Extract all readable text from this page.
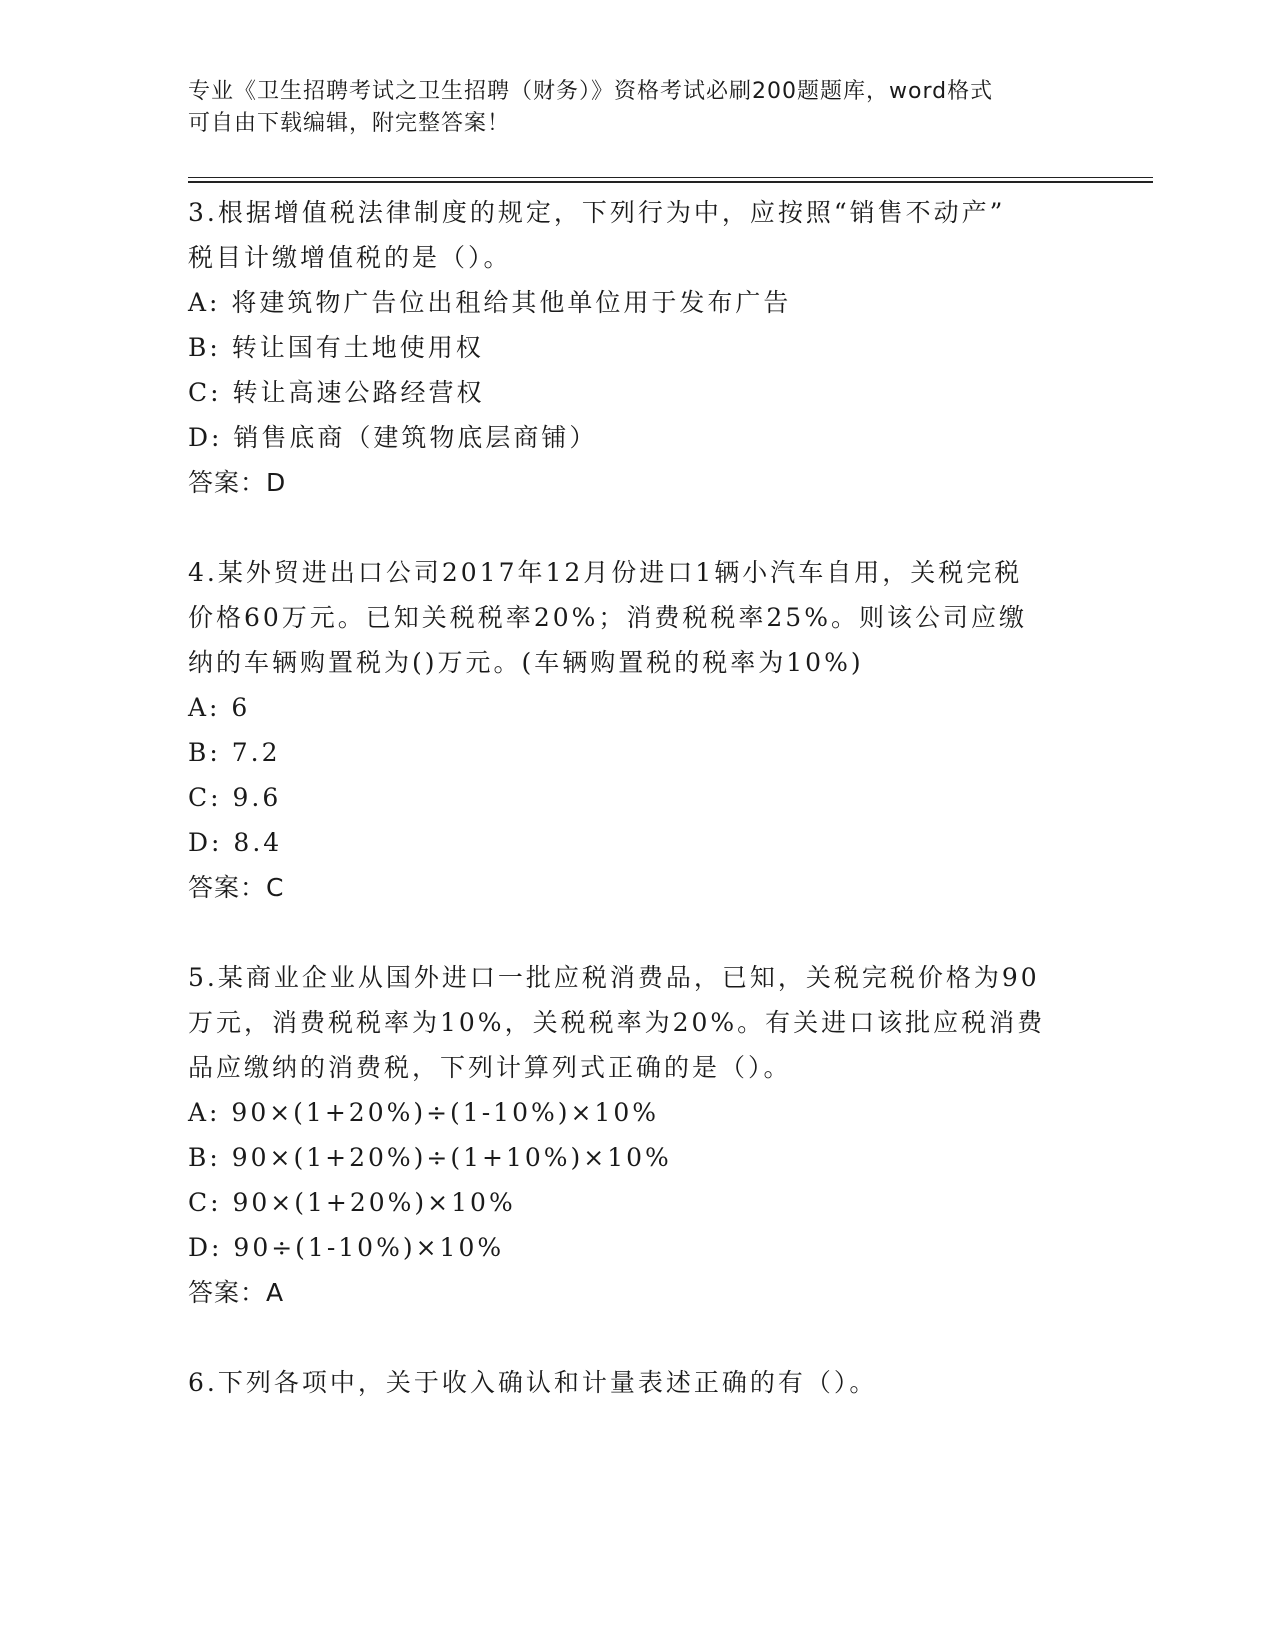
专业《卫生招聘考试之卫生招聘（财务）》资格考试必刷200题题库，word格式
可自由下载编辑，附完整答案！
3.根据增值税法律制度的规定，下列行为中，应按照“销售不动产”
税目计缴增值税的是（）。
A: 将建筑物广告位出租给其他单位用于发布广告
B: 转让国有土地使用权
C: 转让高速公路经营权
D: 销售底商（建筑物底层商铺）
答案：D
4.某外贸进出口公司2017年12月份进口1辆小汽车自用，关税完税
价格60万元。已知关税税率20%；消费税税率25%。则该公司应缴
纳的车辆购置税为()万元。(车辆购置税的税率为10%)
A: 6
B: 7.2
C: 9.6
D: 8.4
答案：C
5.某商业企业从国外进口一批应税消费品，已知，关税完税价格为90
万元，消费税税率为10%，关税税率为20%。有关进口该批应税消费
品应缴纳的消费税，下列计算列式正确的是（）。
A: 90×(1+20%)÷(1-10%)×10%
B: 90×(1+20%)÷(1+10%)×10%
C: 90×(1+20%)×10%
D: 90÷(1-10%)×10%
答案：A
6.下列各项中，关于收入确认和计量表述正确的有（）。
